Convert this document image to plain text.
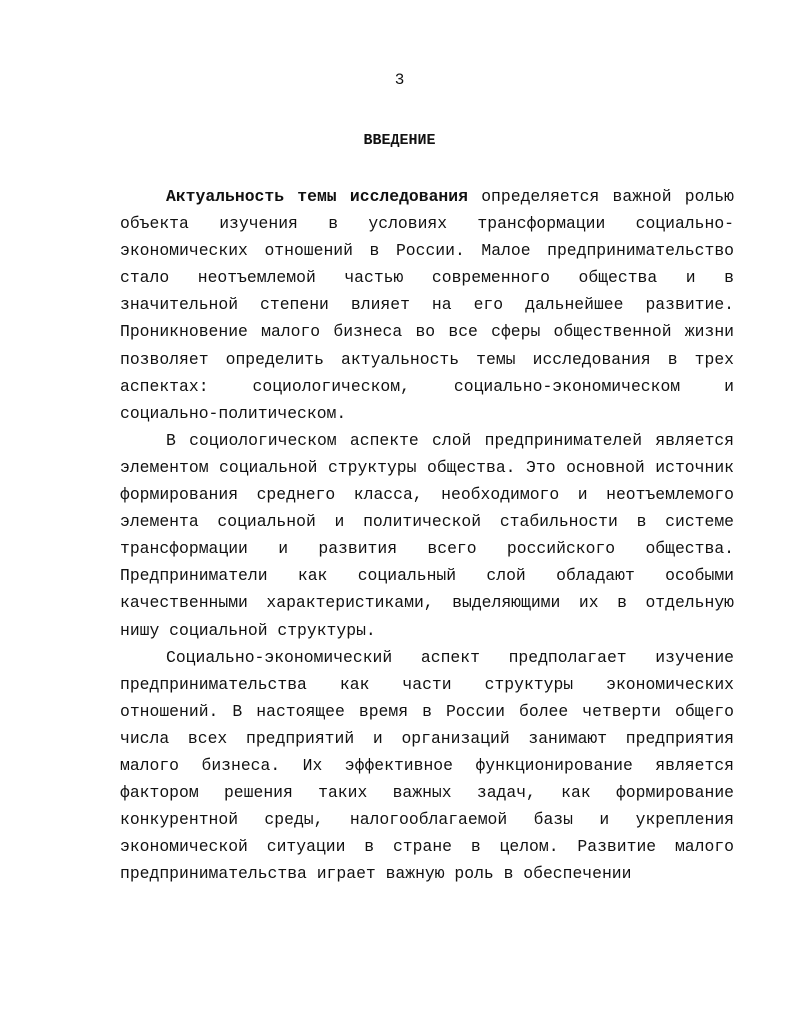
3
ВВЕДЕНИЕ

Актуальность темы исследования определяется важной ролью объекта изучения в условиях трансформации социально-экономических отношений в России. Малое предпринимательство стало неотъемлемой частью современного общества и в значительной степени влияет на его дальнейшее развитие. Проникновение малого бизнеса во все сферы общественной жизни позволяет определить актуальность темы исследования в трех аспектах: социологическом, социально-экономическом и социально-политическом.

В социологическом аспекте слой предпринимателей является элементом социальной структуры общества. Это основной источник формирования среднего класса, необходимого и неотъемлемого элемента социальной и политической стабильности в системе трансформации и развития всего российского общества. Предприниматели как социальный слой обладают особыми качественными характеристиками, выделяющими их в отдельную нишу социальной структуры.

Социально-экономический аспект предполагает изучение предпринимательства как части структуры экономических отношений. В настоящее время в России более четверти общего числа всех предприятий и организаций занимают предприятия малого бизнеса. Их эффективное функционирование является фактором решения таких важных задач, как формирование конкурентной среды, налогооблагаемой базы и укрепления экономической ситуации в стране в целом. Развитие малого предпринимательства играет важную роль в обеспечении
